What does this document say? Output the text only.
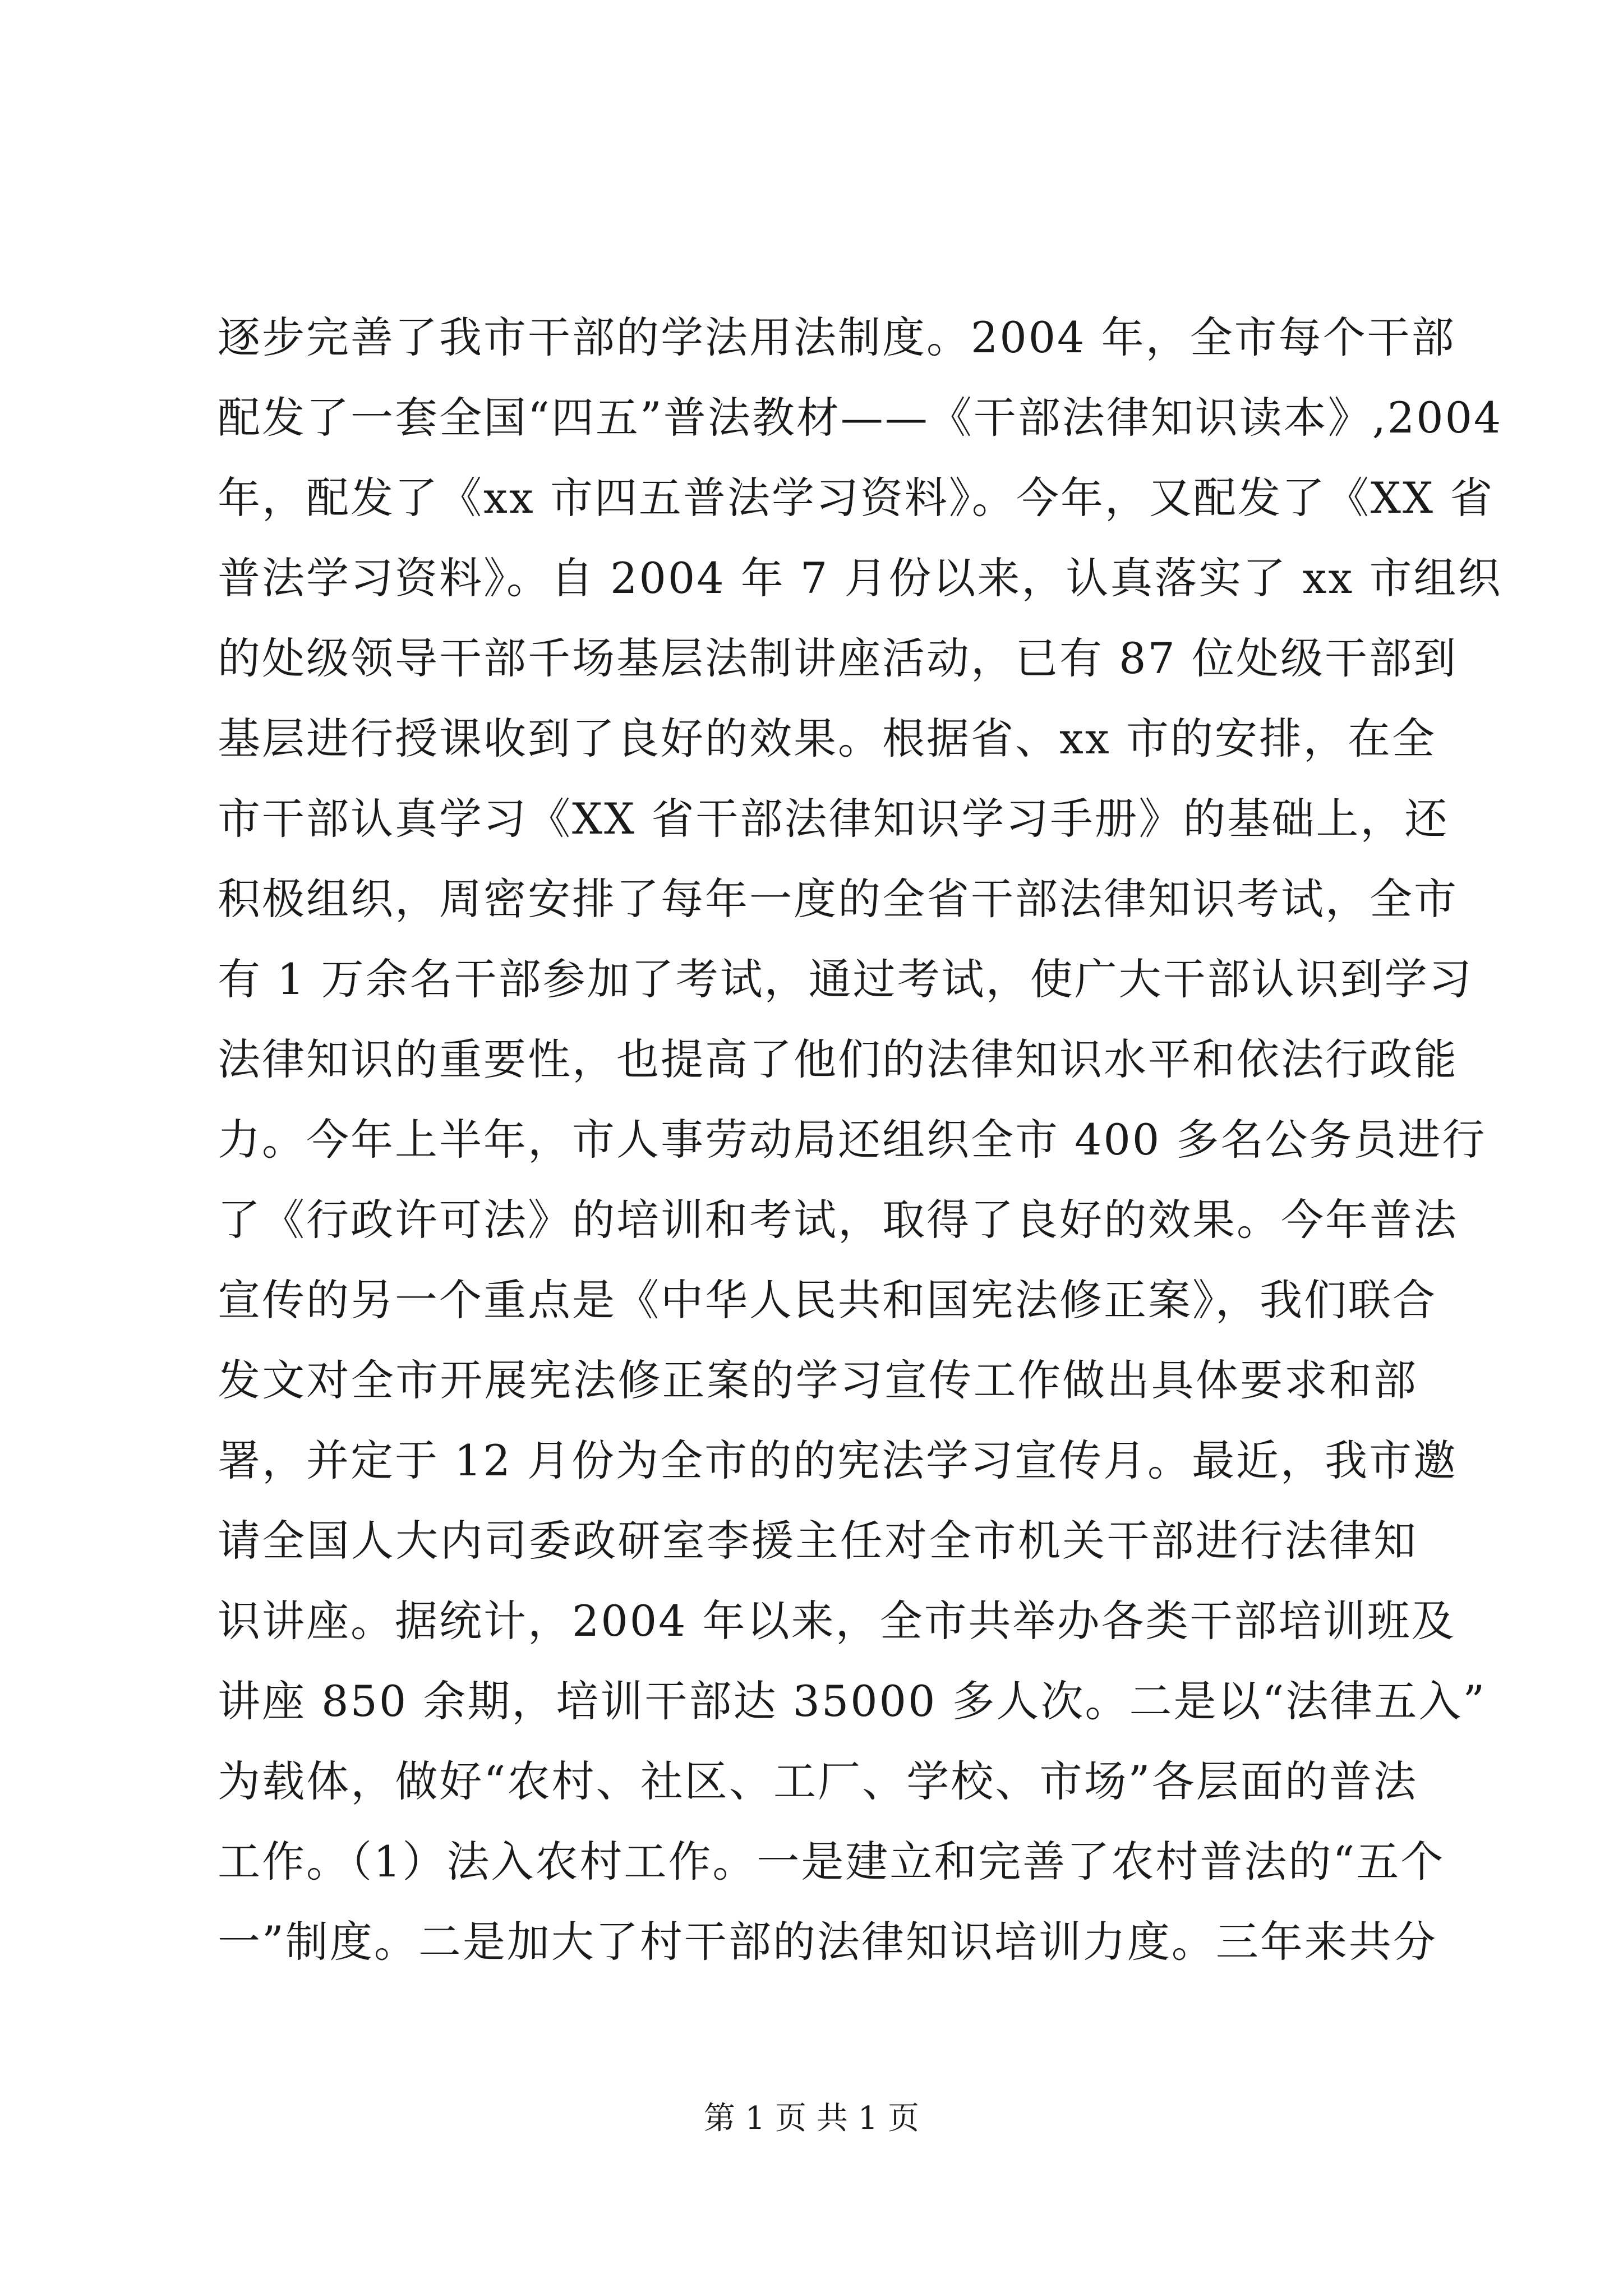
逐步完善了我市干部的学法用法制度。2004 年，全市每个干部
配发了一套全国“四五”普法教材——《干部法律知识读本》,2004
年，配发了《xx 市四五普法学习资料》。今年，又配发了《XX 省
普法学习资料》。自 2004 年 7 月份以来，认真落实了 xx 市组织
的处级领导干部千场基层法制讲座活动，已有 87 位处级干部到
基层进行授课收到了良好的效果。根据省、xx 市的安排，在全
市干部认真学习《XX 省干部法律知识学习手册》的基础上，还
积极组织，周密安排了每年一度的全省干部法律知识考试，全市
有 1 万余名干部参加了考试，通过考试，使广大干部认识到学习
法律知识的重要性，也提高了他们的法律知识水平和依法行政能
力。今年上半年，市人事劳动局还组织全市 400 多名公务员进行
了《行政许可法》的培训和考试，取得了良好的效果。今年普法
宣传的另一个重点是《中华人民共和国宪法修正案》，我们联合
发文对全市开展宪法修正案的学习宣传工作做出具体要求和部
署，并定于 12 月份为全市的的宪法学习宣传月。最近，我市邀
请全国人大内司委政研室李援主任对全市机关干部进行法律知
识讲座。据统计，2004 年以来，全市共举办各类干部培训班及
讲座 850 余期，培训干部达 35000 多人次。二是以“法律五入”
为载体，做好“农村、社区、工厂、学校、市场”各层面的普法
工作。（1）法入农村工作。一是建立和完善了农村普法的“五个
一”制度。二是加大了村干部的法律知识培训力度。三年来共分
第 1 页 共 1 页
